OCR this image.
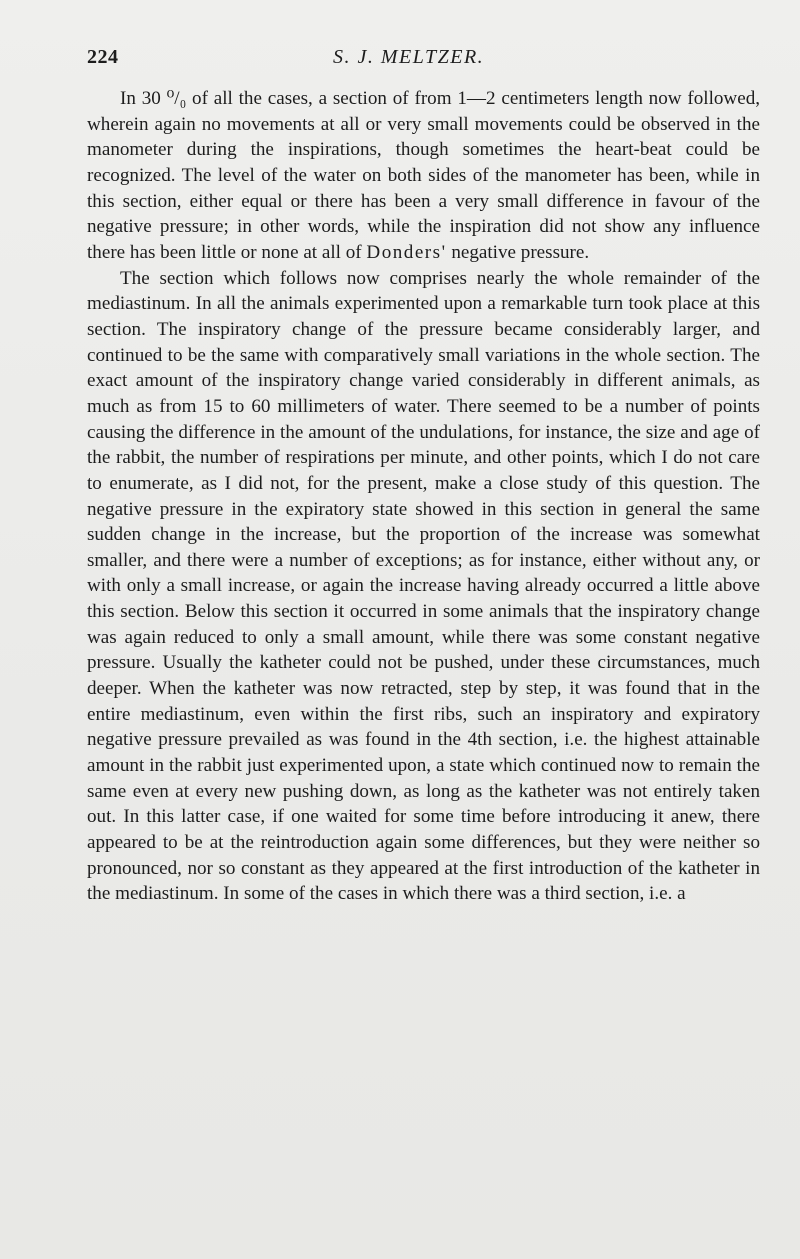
224	S. J. MELTZER.

In 30 ⁰/₀ of all the cases, a section of from 1—2 centimeters length now followed, wherein again no movements at all or very small movements could be observed in the manometer during the inspirations, though sometimes the heart-beat could be recognized. The level of the water on both sides of the manometer has been, while in this section, either equal or there has been a very small difference in favour of the negative pressure; in other words, while the inspiration did not show any influence there has been little or none at all of Donders' negative pressure.

The section which follows now comprises nearly the whole remainder of the mediastinum. In all the animals experimented upon a remarkable turn took place at this section. The inspiratory change of the pressure became considerably larger, and continued to be the same with comparatively small variations in the whole section. The exact amount of the inspiratory change varied considerably in different animals, as much as from 15 to 60 millimeters of water. There seemed to be a number of points causing the difference in the amount of the undulations, for instance, the size and age of the rabbit, the number of respirations per minute, and other points, which I do not care to enumerate, as I did not, for the present, make a close study of this question. The negative pressure in the expiratory state showed in this section in general the same sudden change in the increase, but the proportion of the increase was somewhat smaller, and there were a number of exceptions; as for instance, either without any, or with only a small increase, or again the increase having already occurred a little above this section. Below this section it occurred in some animals that the inspiratory change was again reduced to only a small amount, while there was some constant negative pressure. Usually the katheter could not be pushed, under these circumstances, much deeper. When the katheter was now retracted, step by step, it was found that in the entire mediastinum, even within the first ribs, such an inspiratory and expiratory negative pressure prevailed as was found in the 4th section, i.e. the highest attainable amount in the rabbit just experimented upon, a state which continued now to remain the same even at every new pushing down, as long as the katheter was not entirely taken out. In this latter case, if one waited for some time before introducing it anew, there appeared to be at the reintroduction again some differences, but they were neither so pronounced, nor so constant as they appeared at the first introduction of the katheter in the mediastinum. In some of the cases in which there was a third section, i.e. a
